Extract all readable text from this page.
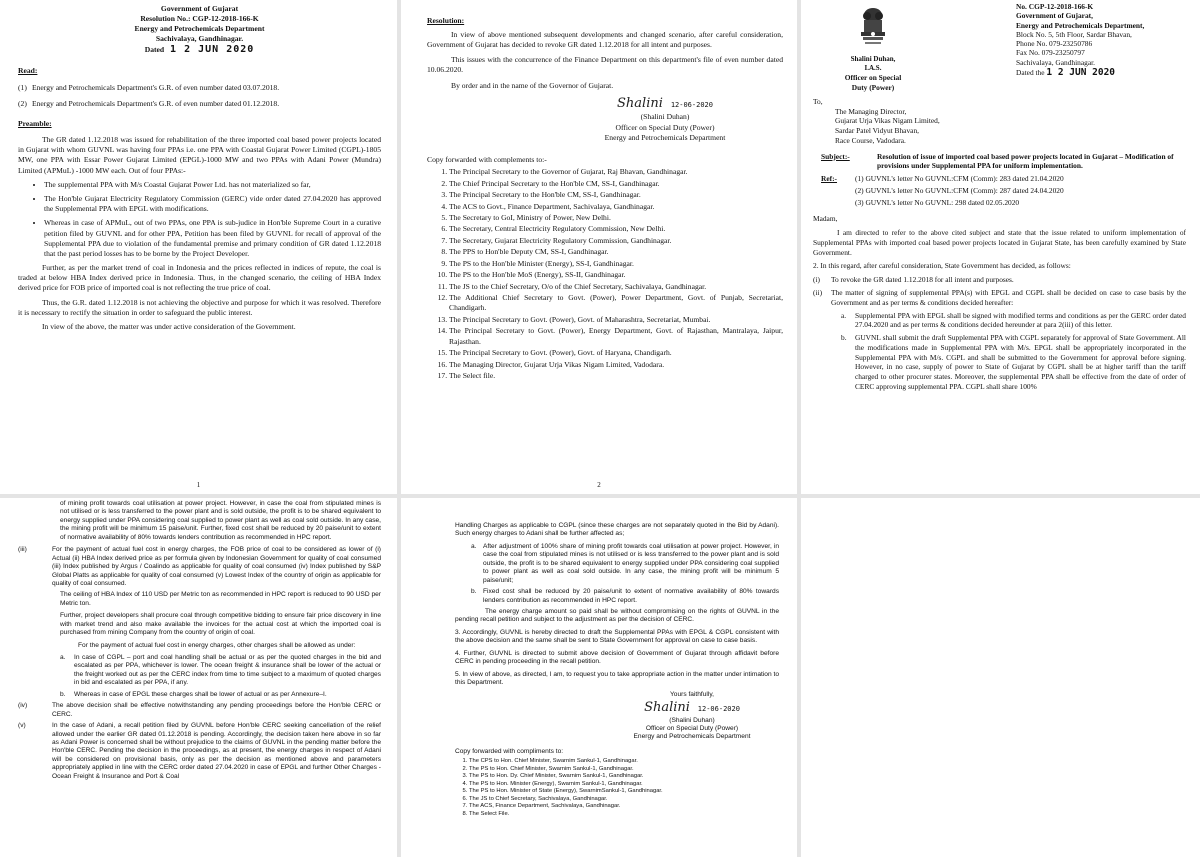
Government of Gujarat
Resolution No.: CGP-12-2018-166-K
Energy and Petrochemicals Department
Sachivalaya, Gandhinagar.
Dated 1 2 JUN 2020
Read:
(1) Energy and Petrochemicals Department's G.R. of even number dated 03.07.2018.
(2) Energy and Petrochemicals Department's G.R. of even number dated 01.12.2018.
Preamble:

The GR dated 1.12.2018 was issued for rehabilitation of the three imported coal based power projects located in Gujarat with whom GUVNL was having four PPAs i.e. one PPA with Coastal Gujarat Power Limited (CGPL)-1805 MW, one PPA with Essar Power Gujarat Limited (EPGL)-1000 MW and two PPAs with Adani Power (Mundra) Limited (APMuL) -1000 MW each. Out of four PPAs:-

• The supplemental PPA with M/s Coastal Gujarat Power Ltd. has not materialized so far,
• The Hon'ble Gujarat Electricity Regulatory Commission (GERC) vide order dated 27.04.2020 has approved the Supplemental PPA with EPGL with modifications.
• Whereas in case of APMuL, out of two PPAs, one PPA is sub-judice in Hon'ble Supreme Court in a curative petition filed by GUVNL and for other PPA, Petition has been filed by GUVNL for recall of approval of the Supplemental PPA due to violation of the fundamental premise and primary condition of GR dated 1.12.2018 that the past period losses has to be borne by the Project Developer.

Further, as per the market trend of coal in Indonesia and the prices reflected in indices of repute, the coal is traded at below HBA Index derived price in Indonesia. Thus, in the changed scenario, the ceiling of HBA Index derived price for FOB price of imported coal is not reflecting the true price of coal.

Thus, the G.R. dated 1.12.2018 is not achieving the objective and purpose for which it was resolved. Therefore it is necessary to rectify the situation in order to safeguard the public interest.

In view of the above, the matter was under active consideration of the Government.

1
Resolution:

In view of above mentioned subsequent developments and changed scenario, after careful consideration, Government of Gujarat has decided to revoke GR dated 1.12.2018 for all intent and purposes.

This issues with the concurrence of the Finance Department on this department's file of even number dated 10.06.2020.

By order and in the name of the Governor of Gujarat.

Shalini 12-06-2020
(Shalini Duhan)
Officer on Special Duty (Power)
Energy and Petrochemicals Department
Copy forwarded with complements to:-
1. The Principal Secretary to the Governor of Gujarat, Raj Bhavan, Gandhinagar.
2. The Chief Principal Secretary to the Hon'ble CM, SS-I, Gandhinagar.
3. The Principal Secretary to the Hon'ble CM, SS-I, Gandhinagar.
4. The ACS to Govt., Finance Department, Sachivalaya, Gandhinagar.
5. The Secretary to GoI, Ministry of Power, New Delhi.
6. The Secretary, Central Electricity Regulatory Commission, New Delhi.
7. The Secretary, Gujarat Electricity Regulatory Commission, Gandhinagar.
8. The PPS to Hon'ble Deputy CM, SS-I, Gandhinagar.
9. The PS to the Hon'ble Minister (Energy), SS-I, Gandhinagar.
10. The PS to the Hon'ble MoS (Energy), SS-II, Gandhinagar.
11. The JS to the Chief Secretary, O/o of the Chief Secretary, Sachivalaya, Gandhinagar.
12. The Additional Chief Secretary to Govt. (Power), Power Department, Govt. of Punjab, Secretariat, Chandigarh.
13. The Principal Secretary to Govt. (Power), Govt. of Maharashtra, Secretariat, Mumbai.
14. The Principal Secretary to Govt. (Power), Energy Department, Govt. of Rajasthan, Mantralaya, Jaipur, Rajasthan.
15. The Principal Secretary to Govt. (Power), Govt. of Haryana, Chandigarh.
16. The Managing Director, Gujarat Urja Vikas Nigam Limited, Vadodara.
17. The Select file.
2
Shalini Duhan, I.A.S.
Officer on Special Duty (Power)
No. CGP-12-2018-166-K
Government of Gujarat,
Energy and Petrochemicals Department,
Block No. 5, 5th Floor, Sardar Bhavan,
Phone No. 079-23250786
Fax No. 079-23250797
Sachivalaya, Gandhinagar.
Dated the 1 2 JUN 2020
To,
The Managing Director,
Gujarat Urja Vikas Nigam Limited,
Sardar Patel Vidyut Bhavan,
Race Course, Vadodara.
Subject:-	Resolution of issue of imported coal based power projects located in Gujarat – Modification of provisions under Supplemental PPA for uniform implementation.
Ref:-	(1) GUVNL's letter No GUVNL:CFM (Comm): 283 dated 21.04.2020
(2) GUVNL's letter No GUVNL:CFM (Comm): 287 dated 24.04.2020
(3) GUVNL's letter No GUVNL: 298 dated 02.05.2020
Madam,

I am directed to refer to the above cited subject and state that the issue related to uniform implementation of Supplemental PPAs with imported coal based power projects located in Gujarat State, has been carefully examined by State Government.

2. In this regard, after careful consideration, State Government has decided, as follows:

(i)	To revoke the GR dated 1.12.2018 for all intent and purposes.
(ii)	The matter of signing of supplemental PPA(s) with EPGL and CGPL shall be decided on case to case basis by the Government and as per terms & conditions decided hereafter:
a.	Supplemental PPA with EPGL shall be signed with modified terms and conditions as per the GERC order dated 27.04.2020 and as per terms & conditions decided hereunder at para 2(iii) of this letter.
b.	GUVNL shall submit the draft Supplemental PPA with CGPL separately for approval of State Government. All the modifications made in Supplemental PPA with M/s. EPGL shall be appropriately incorporated in the Supplemental PPA with M/s. CGPL and shall be submitted to the Government for approval before signing. However, in no case, supply of power to State of Gujarat by CGPL shall be at higher tariff than the tariff charged to other procurer states. Moreover, the supplemental PPA shall be effective from the date of order of CERC approving supplemental PPA. CGPL shall share 100%

of mining profit towards coal utilisation at power project. However, in case the coal from stipulated mines is not utilised or is less transferred to the power plant and is sold outside, the profit is to be shared equivalent to energy supplied under PPA considering coal supplied to power plant as well as coal sold outside. In any case, the mining profit will be minimum 15 paise/unit. Further, fixed cost shall be reduced by 20 paise/unit to extent of normative availability of 80% towards lenders contribution as recommended in HPC report.

(iii)	For the payment of actual fuel cost in energy charges, the FOB price of coal to be considered as lower of (i) Actual (ii) HBA Index derived price as per formula given by Indonesian Government for quality of coal consumed (iii) Index published by Argus / Coalindo as applicable for quality of coal consumed (iv) Index published by S&P Global Platts as applicable for quality of coal consumed (v) Lowest Index of the country of origin as applicable for quality of coal consumed.

The ceiling of HBA Index of 110 USD per Metric ton as recommended in HPC report is reduced to 90 USD per Metric ton.

Further, project developers shall procure coal through competitive bidding to ensure fair price discovery in line with market trend and also make available the invoices for the actual cost at which the imported coal is purchased from mining Company from the country of origin of coal.

For the payment of actual fuel cost in energy charges, other charges shall be allowed as under:

a.	In case of CGPL – port and coal handling shall be actual or as per the quoted charges in the bid and escalated as per PPA, whichever is lower. The ocean freight & insurance shall be lower of the actual or the freight worked out as per the CERC index from time to time subject to a maximum of quoted charges in bid and escalated as per PPA, if any.
b.	Whereas in case of EPGL these charges shall be lower of actual or as per Annexure–I.
(iv)	The above decision shall be effective notwithstanding any pending proceedings before the Hon'ble CERC or CERC.
(v)	In the case of Adani, a recall petition filed by GUVNL before Hon'ble CERC seeking cancellation of the relief allowed under the earlier GR dated 01.12.2018 is pending. Accordingly, the decision taken here above in so far as Adani Power is concerned shall be without prejudice to the claims of GUVNL in the pending matter before the Hon'ble CERC. Pending the decision in the proceedings, as at present, the energy charges in respect of Adani will be considered on provisional basis, only as per the decision as mentioned above and parameters appropriately applied in line with the CERC order dated 27.04.2020 in case of EPGL and further Other Charges - Ocean Freight & Insurance and Port & Coal

Handling Charges as applicable to CGPL (since these charges are not separately quoted in the Bid by Adani). Such energy charges to Adani shall be further affected as;

a. After adjustment of 100% share of mining profit towards coal utilisation at power project. However, in case the coal from stipulated mines is not utilised or is less transferred to the power plant and is sold outside, the profit is to be shared equivalent to energy supplied under PPA considering coal supplied to power plant as well as coal sold outside. In any case, the mining profit will be minimum 5 paise/unit;
b. Fixed cost shall be reduced by 20 paise/unit to extent of normative availability of 80% towards lenders contribution as recommended in HPC report.

The energy charge amount so paid shall be without compromising on the rights of GUVNL in the pending recall petition and subject to the adjustment as per the decision of CERC.

3. Accordingly, GUVNL is hereby directed to draft the Supplemental PPAs with EPGL & CGPL consistent with the above decision and the same shall be sent to State Government for approval on case to case basis.

4. Further, GUVNL is directed to submit above decision of Government of Gujarat through affidavit before CERC in pending proceeding in the recall petition.

5. In view of above, as directed, I am, to request you to take appropriate action in the matter under intimation to this Department.

Yours faithfully,
Shalini 12-06-2020
(Shalini Duhan)
Officer on Special Duty (Power)
Energy and Petrochemicals Department
Copy forwarded with compliments to:
1. The CPS to Hon. Chief Minister, Swarnim Sankul-1, Gandhinagar.
2. The PS to Hon. Chief Minister, Swarnim Sankul-1, Gandhinagar.
3. The PS to Hon. Dy. Chief Minister, Swarnim Sankul-1, Gandhinagar.
4. The PS to Hon. Minister (Energy), Swarnim Sankul-1, Gandhinagar.
5. The PS to Hon. Minister of State (Energy), SwarnimSankul-1, Gandhinagar.
6. The JS to Chief Secretary, Sachivalaya, Gandhinagar.
7. The ACS, Finance Department, Sachivalaya, Gandhinagar.
8. The Select File.
